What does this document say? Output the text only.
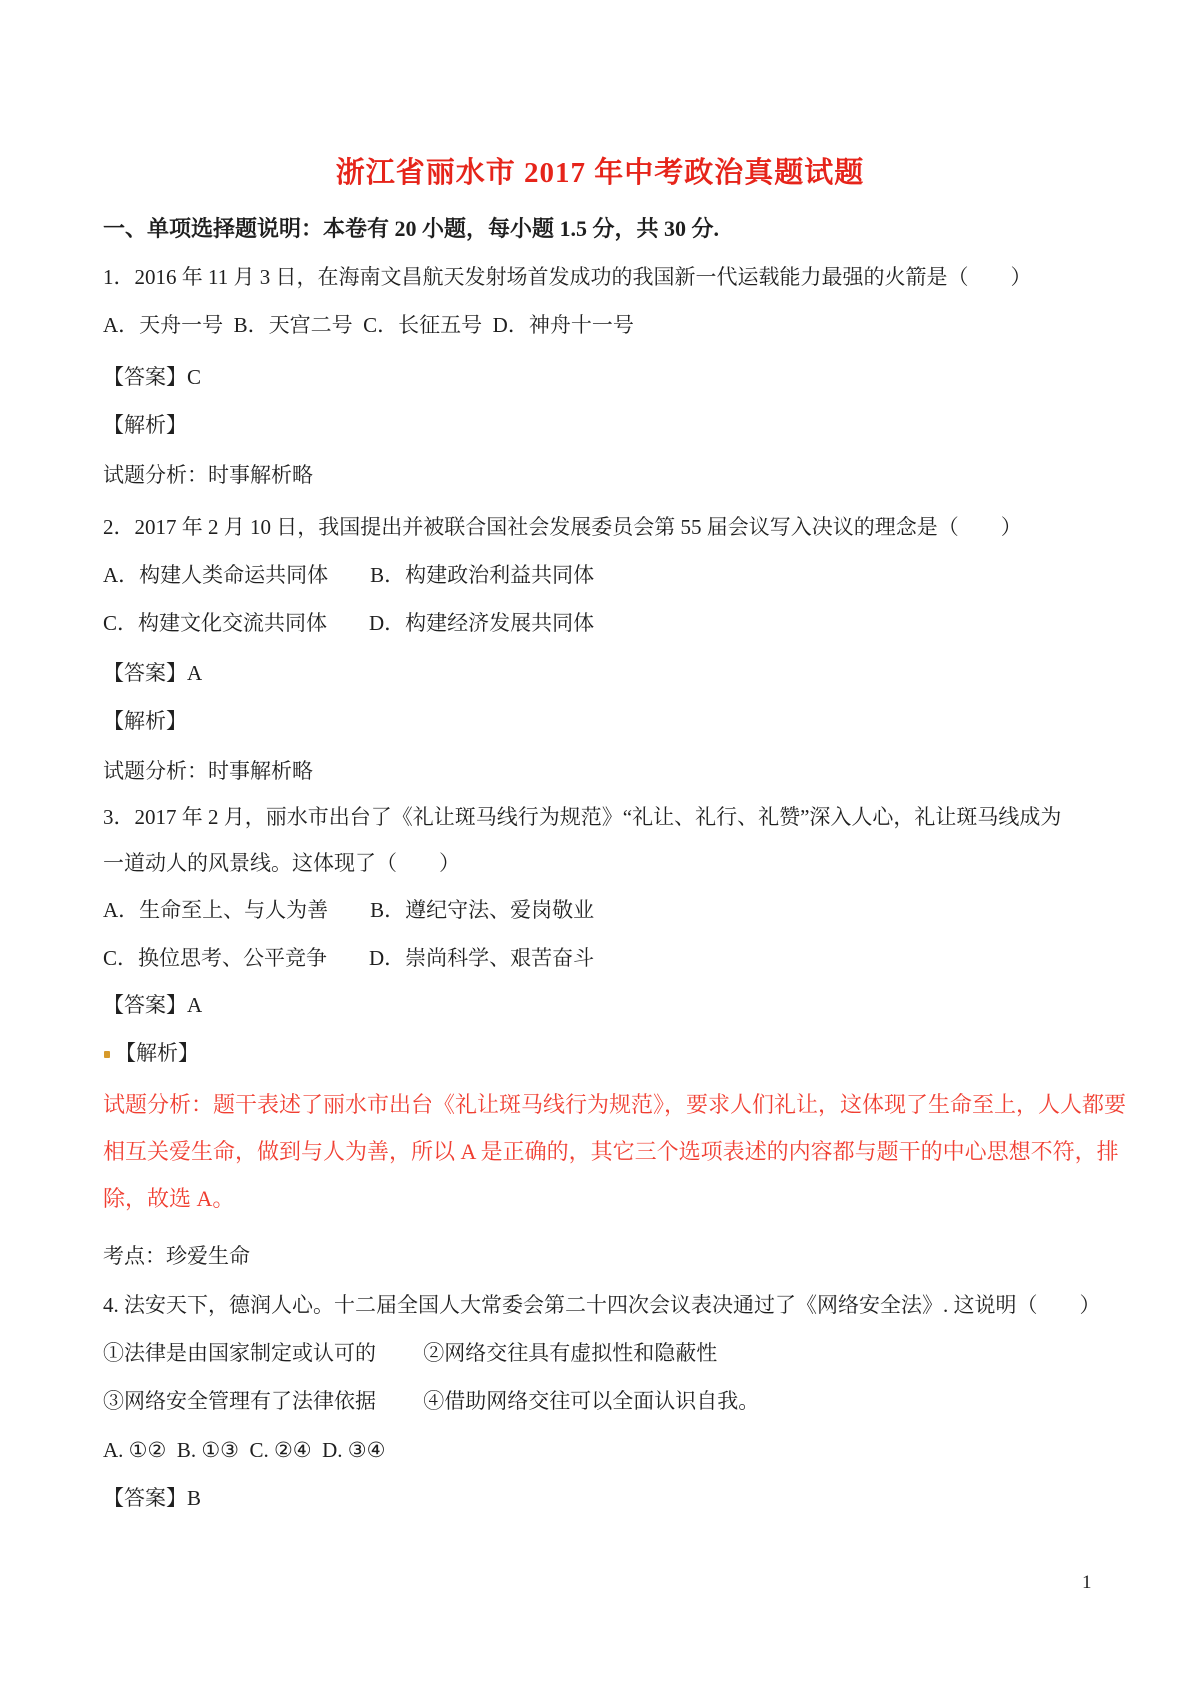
浙江省丽水市 2017 年中考政治真题试题
一、单项选择题说明：本卷有 20 小题，每小题 1.5 分，共 30 分.
1．2016 年 11 月 3 日，在海南文昌航天发射场首发成功的我国新一代运载能力最强的火箭是（　　）
A．天舟一号  B．天宫二号  C．长征五号  D．神舟十一号
【答案】C
【解析】
试题分析：时事解析略
2．2017 年 2 月 10 日，我国提出并被联合国社会发展委员会第 55 届会议写入决议的理念是（　　）
A．构建人类命运共同体　　B．构建政治利益共同体
C．构建文化交流共同体　　D．构建经济发展共同体
【答案】A
【解析】
试题分析：时事解析略
3．2017 年 2 月，丽水市出台了《礼让斑马线行为规范》“礼让、礼行、礼赞”深入人心，礼让斑马线成为
一道动人的风景线。这体现了（　　）
A．生命至上、与人为善　　B．遵纪守法、爱岗敬业
C．换位思考、公平竞争　　D．崇尚科学、艰苦奋斗
【答案】A
【解析】
试题分析：题干表述了丽水市出台《礼让斑马线行为规范》，要求人们礼让，这体现了生命至上，人人都要
相互关爱生命，做到与人为善，所以 A 是正确的，其它三个选项表述的内容都与题干的中心思想不符，排
除，故选 A。
考点：珍爱生命
4. 法安天下，德润人心。十二届全国人大常委会第二十四次会议表决通过了《网络安全法》. 这说明（　　）
①法律是由国家制定或认可的　　 ②网络交往具有虚拟性和隐蔽性
③网络安全管理有了法律依据　　 ④借助网络交往可以全面认识自我。
A. ①②  B. ①③  C. ②④  D. ③④
【答案】B
1
